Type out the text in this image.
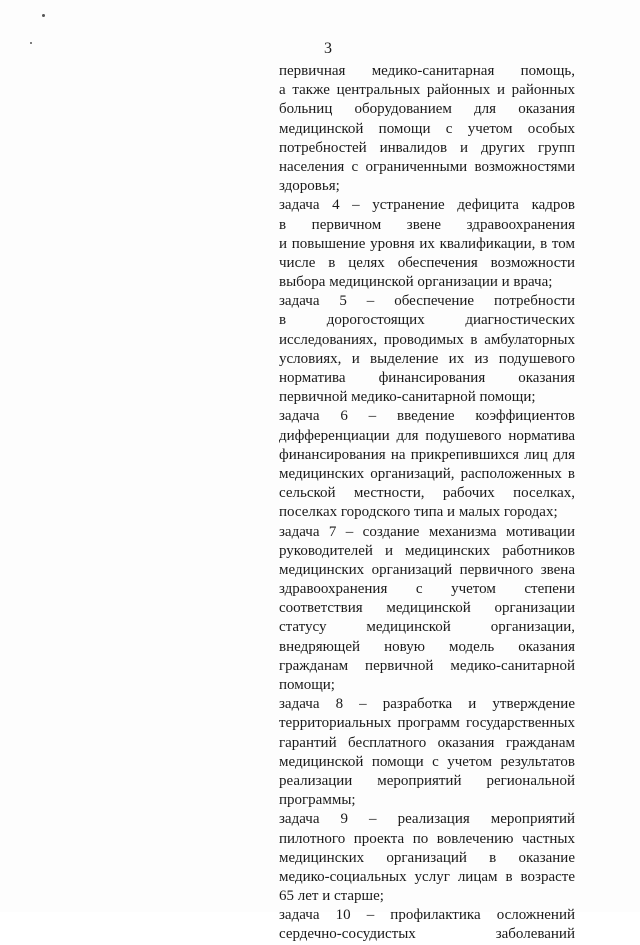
3
первичная медико-санитарная помощь,
а также центральных районных и районных
больниц оборудованием для оказания
медицинской помощи с учетом особых
потребностей инвалидов и других групп
населения с ограниченными возможностями
здоровья;
задача 4 – устранение дефицита кадров
в первичном звене здравоохранения
и повышение уровня их квалификации, в том
числе в целях обеспечения возможности
выбора медицинской организации и врача;
задача 5 – обеспечение потребности
в дорогостоящих диагностических
исследованиях, проводимых в амбулаторных
условиях, и выделение их из подушевого
норматива финансирования оказания
первичной медико-санитарной помощи;
задача 6 – введение коэффициентов
дифференциации для подушевого норматива
финансирования на прикрепившихся лиц для
медицинских организаций, расположенных в
сельской местности, рабочих поселках,
поселках городского типа и малых городах;
задача 7 – создание механизма мотивации
руководителей и медицинских работников
медицинских организаций первичного звена
здравоохранения с учетом степени
соответствия медицинской организации
статусу медицинской организации,
внедряющей новую модель оказания
гражданам первичной медико-санитарной
помощи;
задача 8 – разработка и утверждение
территориальных программ государственных
гарантий бесплатного оказания гражданам
медицинской помощи с учетом результатов
реализации мероприятий региональной
программы;
задача 9 – реализация мероприятий
пилотного проекта по вовлечению частных
медицинских организаций в оказание
медико-социальных услуг лицам в возрасте
65 лет и старше;
задача 10 – профилактика осложнений
сердечно-сосудистых заболеваний
